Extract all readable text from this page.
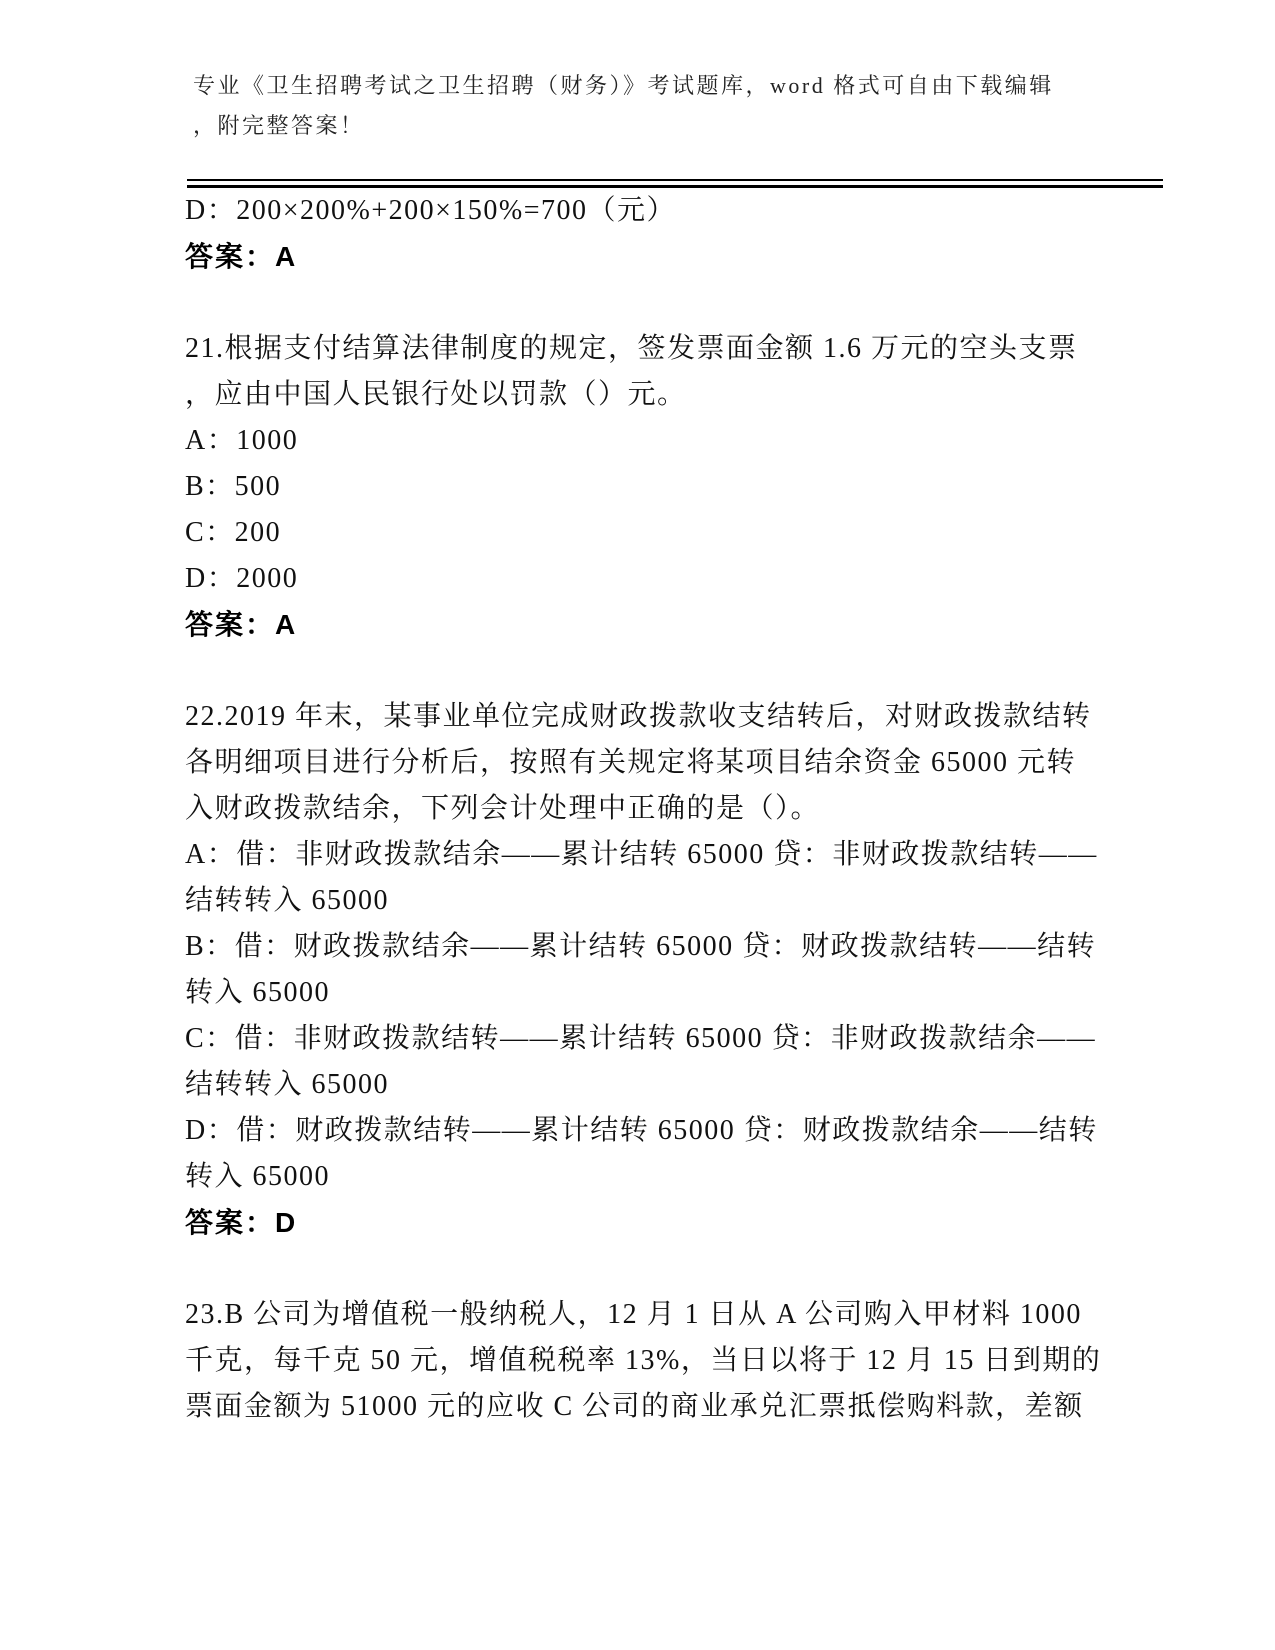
专业《卫生招聘考试之卫生招聘（财务）》考试题库，word 格式可自由下载编辑
，附完整答案！
D：200×200%+200×150%=700（元）
答案：A
21.根据支付结算法律制度的规定，签发票面金额 1.6 万元的空头支票
，应由中国人民银行处以罚款（）元。
A：1000
B：500
C：200
D：2000
答案：A
22.2019 年末，某事业单位完成财政拨款收支结转后，对财政拨款结转
各明细项目进行分析后，按照有关规定将某项目结余资金 65000 元转
入财政拨款结余，下列会计处理中正确的是（）。
A：借：非财政拨款结余——累计结转 65000 贷：非财政拨款结转——
结转转入 65000
B：借：财政拨款结余——累计结转 65000 贷：财政拨款结转——结转
转入 65000
C：借：非财政拨款结转——累计结转 65000 贷：非财政拨款结余——
结转转入 65000
D：借：财政拨款结转——累计结转 65000 贷：财政拨款结余——结转
转入 65000
答案：D
23.B 公司为增值税一般纳税人，12 月 1 日从 A 公司购入甲材料 1000
千克，每千克 50 元，增值税税率 13%，当日以将于 12 月 15 日到期的
票面金额为 51000 元的应收 C 公司的商业承兑汇票抵偿购料款，差额
